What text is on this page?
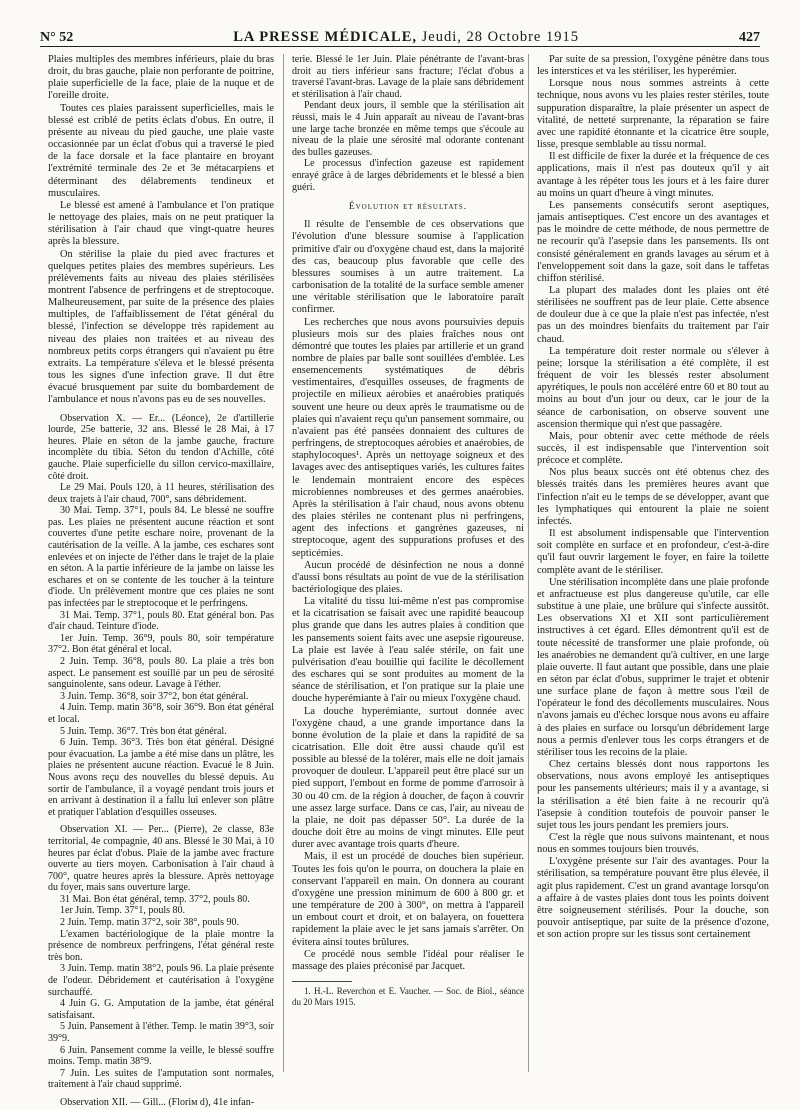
N° 52	LA PRESSE MÉDICALE, Jeudi, 28 Octobre 1915	427

Plaies multiples des membres inférieurs, plaie du bras droit, du bras gauche, plaie non perforante de poitrine, plaie superficielle de la face, plaie de la nuque et de l'oreille droite.

Toutes ces plaies paraissent superficielles, mais le blessé est criblé de petits éclats d'obus. En outre, il présente au niveau du pied gauche, une plaie vaste occasionnée par un éclat d'obus qui a traversé le pied de la face dorsale et la face plantaire en broyant l'extrémité terminale des 2e et 3e métacarpiens et déterminant des délabrements tendineux et musculaires.

Le blessé est amené à l'ambulance et l'on pratique le nettoyage des plaies, mais on ne peut pratiquer la stérilisation à l'air chaud que vingt-quatre heures après la blessure.

On stérilise la plaie du pied avec fractures et quelques petites plaies des membres supérieurs. Les prélèvements faits au niveau des plaies stérilisées montrent l'absence de perfringens et de streptocoque. Malheureusement, par suite de la présence des plaies multiples, de l'affaiblissement de l'état général du blessé, l'infection se développe très rapidement au niveau des plaies non traitées et au niveau des nombreux petits corps étrangers qui n'avaient pu être extraits. La température s'éleva et le blessé présenta tous les signes d'une infection grave. Il dut être évacué brusquement par suite du bombardement de l'ambulance et nous n'avons pas eu de ses nouvelles.

Observation X. — Er... (Léonce), 2e d'artillerie lourde, 25e batterie, 32 ans. Blessé le 28 Mai, à 17 heures. Plaie en séton de la jambe gauche, fracture incomplète du tibia. Séton du tendon d'Achille, côté gauche. Plaie superficielle du sillon cervico-maxillaire, côté droit.

Le 29 Mai. Pouls 120, à 11 heures, stérilisation des deux trajets à l'air chaud, 700°, sans débridement.

30 Mai. Temp. 37°1, pouls 84. Le blessé ne souffre pas. Les plaies ne présentent aucune réaction et sont couvertes d'une petite eschare noire, provenant de la cautérisation de la veille. A la jambe, ces eschares sont enlevées et on injecte de l'éther dans le trajet de la plaie en séton. A la partie inférieure de la jambe on laisse les eschares et on se contente de les toucher à la teinture d'iode. Un prélèvement montre que ces plaies ne sont pas infectées par le streptocoque et le perfringens.

31 Mai. Temp. 37°1, pouls 80. Etat général bon. Pas d'air chaud. Teinture d'iode.

1er Juin. Temp. 36°9, pouls 80, soir température 37°2. Bon état général et local.

2 Juin. Temp. 36°8, pouls 80. La plaie a très bon aspect. Le pansement est souillé par un peu de sérosité sanguinolente, sans odeur. Lavage à l'éther.

3 Juin. Temp. 36°8, soir 37°2, bon état général.

4 Juin. Temp. matin 36°8, soir 36°9. Bon état général et local.

5 Juin. Temp. 36°7. Très bon état général.

6 Juin. Temp. 36°3. Très bon état général. Désigné pour évacuation. La jambe a été mise dans un plâtre, les plaies ne présentent aucune réaction. Evacué le 8 Juin. Nous avons reçu des nouvelles du blessé depuis. Au sortir de l'ambulance, il a voyagé pendant trois jours et en arrivant à destination il a fallu lui enlever son plâtre et pratiquer l'ablation d'esquilles osseuses.

Observation XI. — Per... (Pierre), 2e classe, 83e territorial, 4e compagnie, 40 ans. Blessé le 30 Mai, à 10 heures par éclat d'obus. Plaie de la jambe avec fracture ouverte au tiers moyen. Carbonisation à l'air chaud à 700°, quatre heures après la blessure. Après nettoyage du foyer, mais sans ouverture large.

31 Mai. Bon état général, temp. 37°2, pouls 80.

1er Juin. Temp. 37°1, pouls 80.

2 Juin. Temp. matin 37°2, soir 38°, pouls 90.

L'examen bactériologique de la plaie montre la présence de nombreux perfringens, l'état général reste très bon.

3 Juin. Temp. matin 38°2, pouls 96. La plaie présente de l'odeur. Débridement et cautérisation à l'oxygène surchauffé.

4 Juin G. G. Amputation de la jambe, état général satisfaisant.

5 Juin. Pansement à l'éther. Temp. le matin 39°3, soir 39°9.

6 Juin. Pansement comme la veille, le blessé souffre moins. Temp. matin 38°9.

7 Juin. Les suites de l'amputation sont normales, traitement à l'air chaud supprimé.

Observation XII. — Gill... (Floriᴍ d), 41e infan-

terie. Blessé le 1er Juin. Plaie pénétrante de l'avant-bras droit au tiers inférieur sans fracture; l'éclat d'obus a traversé l'avant-bras. Lavage de la plaie sans débridement et stérilisation à l'air chaud.

Pendant deux jours, il semble que la stérilisation ait réussi, mais le 4 Juin apparaît au niveau de l'avant-bras une large tache bronzée en même temps que s'écoule au niveau de la plaie une sérosité mal odorante contenant des bulles gazeuses.

Le processus d'infection gazeuse est rapidement enrayé grâce à de larges débridements et le blessé a bien guéri.

Évolution et résultats.

Il résulte de l'ensemble de ces observations que l'évolution d'une blessure soumise à l'application primitive d'air ou d'oxygène chaud est, dans la majorité des cas, beaucoup plus favorable que celle des blessures soumises à un autre traitement. La carbonisation de la totalité de la surface semble amener une véritable stérilisation que le laboratoire paraît confirmer.

Les recherches que nous avons poursuivies depuis plusieurs mois sur des plaies fraîches nous ont démontré que toutes les plaies par artillerie et un grand nombre de plaies par balle sont souillées d'emblée. Les ensemencements systématiques de débris vestimentaires, d'esquilles osseuses, de fragments de projectile en milieux aérobies et anaérobies pratiqués souvent une heure ou deux après le traumatisme ou de plaies qui n'avaient reçu qu'un pansement sommaire, ou n'avaient pas été pansées donnaient des cultures de perfringens, de streptocoques aérobies et anaérobies, de staphylocoques¹. Après un nettoyage soigneux et des lavages avec des antiseptiques variés, les cultures faites le lendemain montraient encore des espèces microbiennes nombreuses et des germes anaérobies. Après la stérilisation à l'air chaud, nous avons obtenu des plaies stériles ne contenant plus ni perfringens, agent des infections et gangrènes gazeuses, ni streptocoque, agent des suppurations profuses et des septicémies.

Aucun procédé de désinfection ne nous a donné d'aussi bons résultats au point de vue de la stérilisation bactériologique des plaies.

La vitalité du tissu lui-même n'est pas compromise et la cicatrisation se faisait avec une rapidité beaucoup plus grande que dans les autres plaies à condition que les pansements soient faits avec une asepsie rigoureuse. La plaie est lavée à l'eau salée stérile, on fait une pulvérisation d'eau bouillie qui facilite le décollement des eschares qui se sont produites au moment de la séance de stérilisation, et l'on pratique sur la plaie une douche hyperémiante à l'air ou mieux l'oxygène chaud.

La douche hyperémiante, surtout donnée avec l'oxygène chaud, a une grande importance dans la bonne évolution de la plaie et dans la rapidité de sa cicatrisation. Elle doit être aussi chaude qu'il est possible au blessé de la tolérer, mais elle ne doit jamais provoquer de douleur. L'appareil peut être placé sur un pied support, l'embout en forme de pomme d'arrosoir à 30 ou 40 cm. de la région à doucher, de façon à couvrir une assez large surface. Dans ce cas, l'air, au niveau de la plaie, ne doit pas dépasser 50°. La durée de la douche doit être au moins de vingt minutes. Elle peut durer avec avantage trois quarts d'heure.

Mais, il est un procédé de douches bien supérieur. Toutes les fois qu'on le pourra, on douchera la plaie en conservant l'appareil en main. On donnera au courant d'oxygène une pression minimum de 600 à 800 gr. et une température de 200 à 300°, on mettra à l'appareil un embout court et droit, et on balayera, on fouettera rapidement la plaie avec le jet sans jamais s'arrêter. On évitera ainsi toutes brûlures.

Ce procédé nous semble l'idéal pour réaliser le massage des plaies préconisé par Jacquet.

1. H.-L. Reverchon et E. Vaucher. — Soc. de Biol., séance du 20 Mars 1915.

Par suite de sa pression, l'oxygène pénètre dans tous les interstices et va les stériliser, les hyperémier.

Lorsque nous nous sommes astreints à cette technique, nous avons vu les plaies rester stériles, toute suppuration disparaître, la plaie présenter un aspect de vitalité, de netteté surprenante, la réparation se faire avec une rapidité étonnante et la cicatrice être souple, lisse, presque semblable au tissu normal.

Il est difficile de fixer la durée et la fréquence de ces applications, mais il n'est pas douteux qu'il y ait avantage à les répéter tous les jours et à les faire durer au moins un quart d'heure à vingt minutes.

Les pansements consécutifs seront aseptiques, jamais antiseptiques. C'est encore un des avantages et pas le moindre de cette méthode, de nous permettre de ne recourir qu'à l'asepsie dans les pansements. Ils ont consisté généralement en grands lavages au sérum et à l'enveloppement soit dans la gaze, soit dans le taffetas chiffon stérilisé.

La plupart des malades dont les plaies ont été stérilisées ne souffrent pas de leur plaie. Cette absence de douleur due à ce que la plaie n'est pas infectée, n'est pas un des moindres bienfaits du traitement par l'air chaud.

La température doit rester normale ou s'élever à peine; lorsque la stérilisation a été complète, il est fréquent de voir les blessés rester absolument apyrétiques, le pouls non accéléré entre 60 et 80 tout au moins au bout d'un jour ou deux, car le jour de la séance de carbonisation, on observe souvent une ascension thermique qui n'est que passagère.

Mais, pour obtenir avec cette méthode de réels succès, il est indispensable que l'intervention soit précoce et complète.

Nos plus beaux succès ont été obtenus chez des blessés traités dans les premières heures avant que l'infection n'ait eu le temps de se développer, avant que les lymphatiques qui entourent la plaie ne soient infectés.

Il est absolument indispensable que l'intervention soit complète en surface et en profondeur, c'est-à-dire qu'il faut ouvrir largement le foyer, en faire la toilette complète avant de le stériliser.

Une stérilisation incomplète dans une plaie profonde et anfractueuse est plus dangereuse qu'utile, car elle substitue à une plaie, une brûlure qui s'infecte aussitôt. Les observations XI et XII sont particulièrement instructives à cet égard. Elles démontrent qu'il est de toute nécessité de transformer une plaie profonde, où les anaérobies ne demandent qu'à cultiver, en une large plaie ouverte. Il faut autant que possible, dans une plaie en séton par éclat d'obus, supprimer le trajet et obtenir une surface plane de façon à mettre sous l'œil de l'opérateur le fond des décollements musculaires. Nous n'avons jamais eu d'échec lorsque nous avons eu affaire à des plaies en surface ou lorsqu'un débridement large nous a permis d'enlever tous les corps étrangers et de stériliser tous les recoins de la plaie.

Chez certains blessés dont nous rapportons les observations, nous avons employé les antiseptiques pour les pansements ultérieurs; mais il y a avantage, si la stérilisation a été bien faite à ne recourir qu'à l'asepsie à condition toutefois de pouvoir panser le sujet tous les jours pendant les premiers jours.

C'est la règle que nous suivons maintenant, et nous nous en sommes toujours bien trouvés.

L'oxygène présente sur l'air des avantages. Pour la stérilisation, sa température pouvant être plus élevée, il agit plus rapidement. C'est un grand avantage lorsqu'on a affaire à de vastes plaies dont tous les points doivent être soigneusement stérilisés. Pour la douche, son pouvoir antiseptique, par suite de la présence d'ozone, et son action propre sur les tissus sont certainement
